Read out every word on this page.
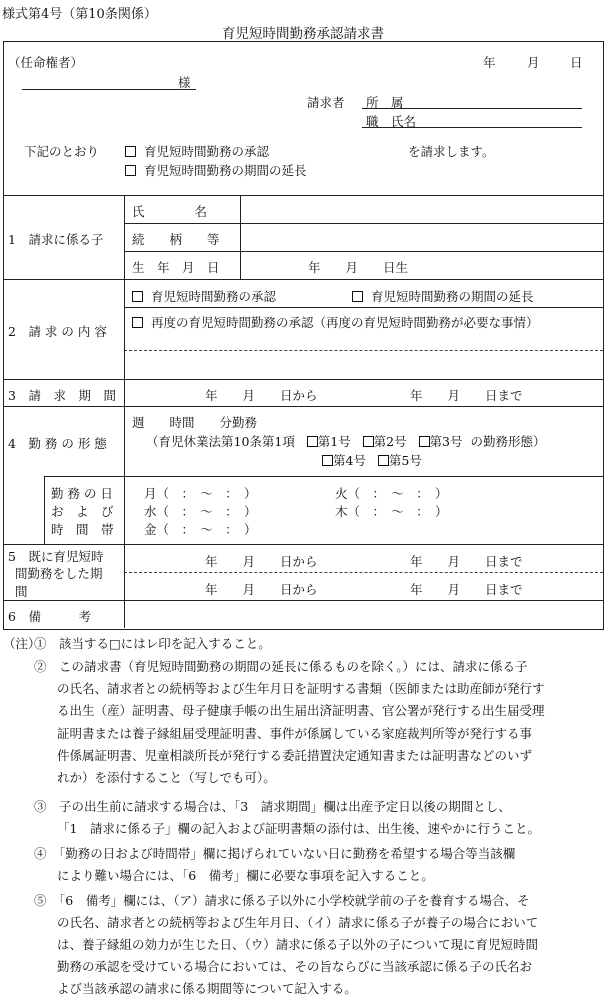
様式第4号（第10条関係）
育児短時間勤務承認請求書
（任命権者）	年	月 日
様
請求者 所　属
職　氏名
下記のとおり	育児短時間勤務の承認	を請求します。
育児短時間勤務の期間の延長
1　請求に係る子
氏　　　　名
続　　柄　　等
生　年　月　日	年　　月　　日生
2　請 求 の 内 容
育児短時間勤務の承認	育児短時間勤務の期間の延長
再度の育児短時間勤務の承認（再度の育児短時間勤務が必要な事情）
3　請　求　期　間	年　　月　　日から	年　　月　　日まで
4　勤 務 の 形 態
週　　時間　　分勤務
（育児休業法第10条第1項 第1号 第2号 第3号 の勤務形態）
第4号 第5号
勤 務 の 日
お　よ　び
時　間　帯
月（　：　〜　：　）	火（　：　〜　：　）
水（　：　〜　：　）	木（　：　〜　：　）
金（　：　〜　：　）
5　既に育児短時
間勤務をした期
間
年　　月　　日から	年　　月　　日まで
年　　月　　日から	年　　月　　日まで
6　備　　　考
（注）
①　該当する□にはレ印を記入すること。
②　この請求書（育児短時間勤務の期間の延長に係るものを除く。）には、請求に係る子
の氏名、請求者との続柄等および生年月日を証明する書類（医師または助産師が発行す
る出生（産）証明書、母子健康手帳の出生届出済証明書、官公署が発行する出生届受理
証明書または養子縁組届受理証明書、事件が係属している家庭裁判所等が発行する事
件係属証明書、児童相談所長が発行する委託措置決定通知書または証明書などのいず
れか）を添付すること（写しでも可）。
③　子の出生前に請求する場合は、「3　請求期間」欄は出産予定日以後の期間とし、
「1　請求に係る子」欄の記入および証明書類の添付は、出生後、速やかに行うこと。
④　「勤務の日および時間帯」欄に掲げられていない日に勤務を希望する場合等当該欄
により難い場合には、「6　備考」欄に必要な事項を記入すること。
⑤　「6　備考」欄には、（ア）請求に係る子以外に小学校就学前の子を養育する場合、そ
の氏名、請求者との続柄等および生年月日、（イ）請求に係る子が養子の場合において
は、養子縁組の効力が生じた日、（ウ）請求に係る子以外の子について現に育児短時間
勤務の承認を受けている場合においては、その旨ならびに当該承認に係る子の氏名お
よび当該承認の請求に係る期間等について記入する。
